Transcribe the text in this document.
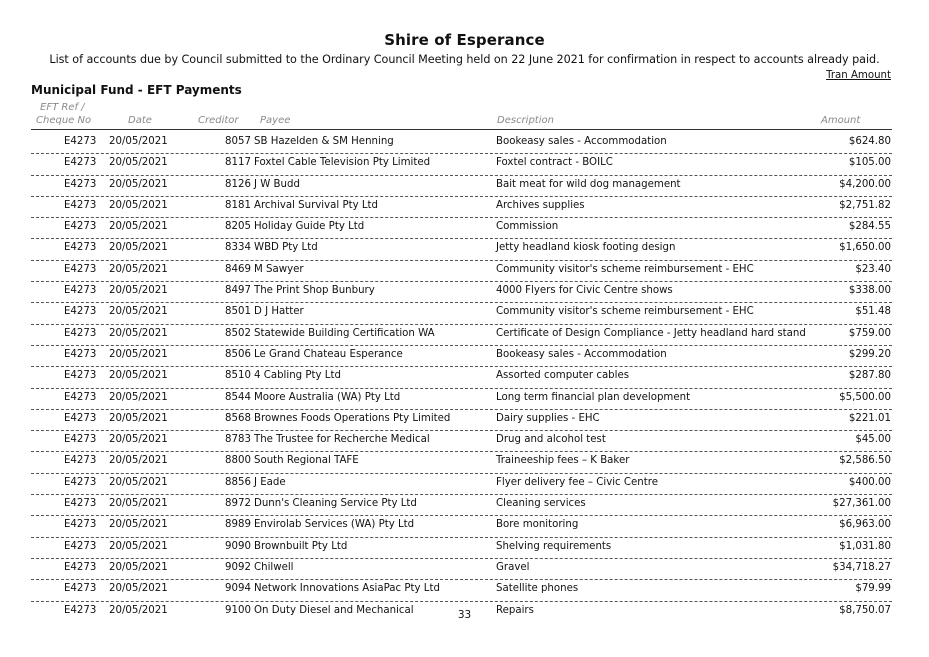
Shire of Esperance
List of accounts due by Council submitted to the Ordinary Council Meeting held on 22 June 2021 for confirmation in respect to accounts already paid.
Tran Amount
Municipal Fund - EFT Payments
EFT Ref /
Cheque No	Date	Creditor Payee	Description	Amount
E4273 20/05/2021	8057 SB Hazelden & SM Henning	Bookeasy sales - Accommodation	$624.80
E4273 20/05/2021	8117 Foxtel Cable Television Pty Limited	Foxtel contract - BOILC	$105.00
E4273 20/05/2021	8126 J W Budd	Bait meat for wild dog management	$4,200.00
E4273 20/05/2021	8181 Archival Survival Pty Ltd	Archives supplies	$2,751.82
E4273 20/05/2021	8205 Holiday Guide Pty Ltd	Commission	$284.55
E4273 20/05/2021	8334 WBD Pty Ltd	Jetty headland kiosk footing design	$1,650.00
E4273 20/05/2021	8469 M Sawyer	Community visitor's scheme reimbursement - EHC	$23.40
E4273 20/05/2021	8497 The Print Shop Bunbury	4000 Flyers for Civic Centre shows	$338.00
E4273 20/05/2021	8501 D J Hatter	Community visitor's scheme reimbursement - EHC	$51.48
E4273 20/05/2021	8502 Statewide Building Certification WA	Certificate of Design Compliance - Jetty headland hard stand	$759.00
E4273 20/05/2021	8506 Le Grand Chateau Esperance	Bookeasy sales - Accommodation	$299.20
E4273 20/05/2021	8510 4 Cabling Pty Ltd	Assorted computer cables	$287.80
E4273 20/05/2021	8544 Moore Australia (WA) Pty Ltd	Long term financial plan development	$5,500.00
E4273 20/05/2021	8568 Brownes Foods Operations Pty Limited	Dairy supplies - EHC	$221.01
E4273 20/05/2021	8783 The Trustee for Recherche Medical	Drug and alcohol test	$45.00
E4273 20/05/2021	8800 South Regional TAFE	Traineeship fees – K Baker	$2,586.50
E4273 20/05/2021	8856 J Eade	Flyer delivery fee – Civic Centre	$400.00
E4273 20/05/2021	8972 Dunn's Cleaning Service Pty Ltd	Cleaning services	$27,361.00
E4273 20/05/2021	8989 Envirolab Services (WA) Pty Ltd	Bore monitoring	$6,963.00
E4273 20/05/2021	9090 Brownbuilt Pty Ltd	Shelving requirements	$1,031.80
E4273 20/05/2021	9092 Chilwell	Gravel	$34,718.27
E4273 20/05/2021	9094 Network Innovations AsiaPac Pty Ltd	Satellite phones	$79.99
E4273 20/05/2021	9100 On Duty Diesel and Mechanical	Repairs	$8,750.07
33
